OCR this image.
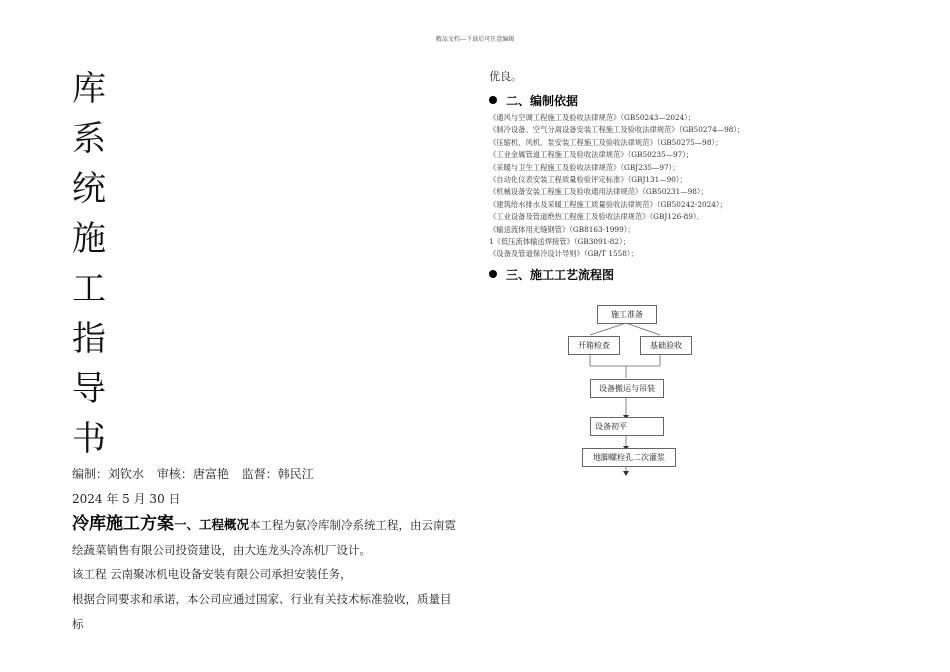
精品文档---下载后可任意编辑
库
系
统
施
工
指
导
书
编制：刘钦水 审核：唐富艳 监督：韩民江
2024 年 5 月 30 日
冷库施工方案一、工程概况本工程为氨冷库制冷系统工程，由云南霓
绘蔬菜销售有限公司投资建设，由大连龙头冷冻机厂设计。
该工程 云南聚冰机电设备安装有限公司承担安装任务，
根据合同要求和承诺，本公司应通过国家、行业有关技术标准验收，质量目标
优良。
二、编制依据
《通风与空调工程施工及验收法律规范》（GB50243—2024）；
《制冷设备、空气分离设备安装工程施工及验收法律规范》（GB50274—98）；
《压缩机、风机、泵安装工程施工及验收法律规范》（GB50275—98）；
《工业金属管道工程施工及验收法律规范》（GB50235—97）；
《采暖与卫生工程施工及验收法律规范》（GBJ235—97）；
《自动化仪表安装工程质量检验评定标准》（GBJ131—90）；
《机械设备安装工程施工及验收通用法律规范》（GB50231—98）；
《建筑给水排水及采暖工程施工质量验收法律规范》（GB50242-2024）；
《工业设备及管道绝热工程施工及验收法律规范》（GBJ126-89）．
《输送流体用无缝钢管》（GB8163-1999）；
1《低压流体输送焊接管》（GB3091-82）；
《设备及管道保冷设计导则》（GB/T 1558）；
三、施工工艺流程图
施工准备
开箱检查	基础验收
设备搬运与吊装
设备初平
地脚螺栓孔二次灌浆
